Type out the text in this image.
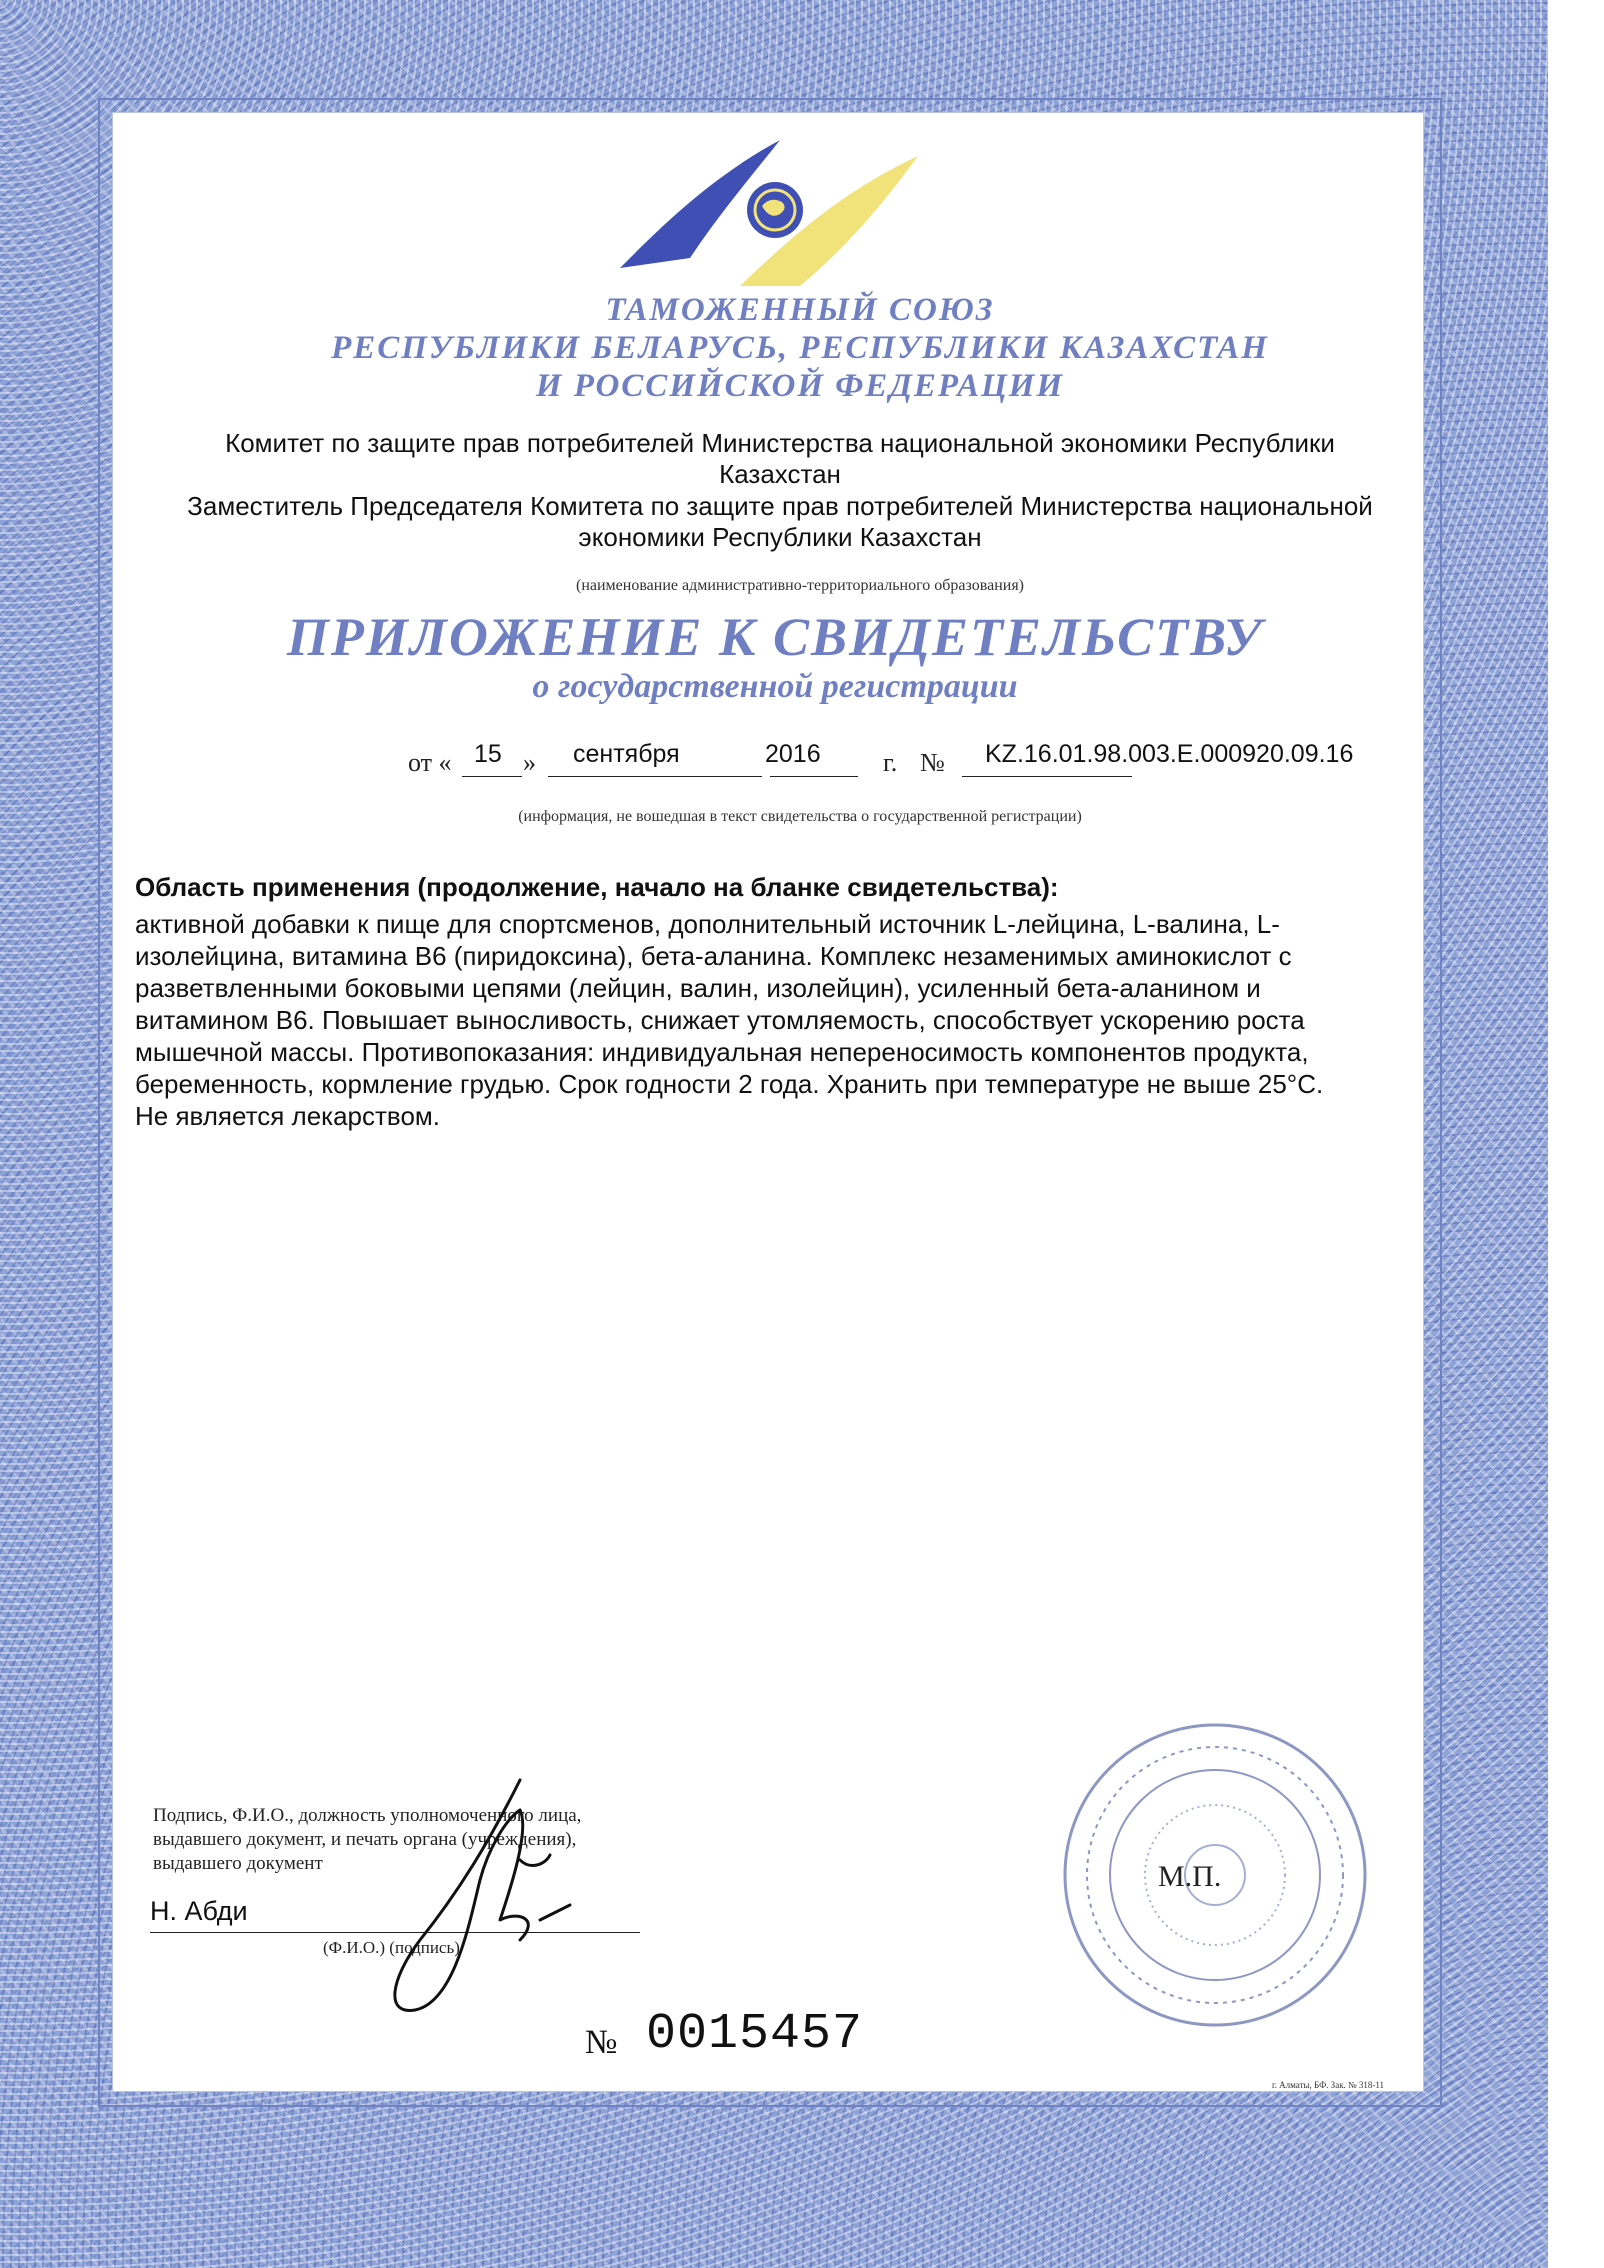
ТАМОЖЕННЫЙ СОЮЗ

РЕСПУБЛИКИ БЕЛАРУСЬ, РЕСПУБЛИКИ КАЗАХСТАН

И РОССИЙСКОЙ ФЕДЕРАЦИИ

Комитет по защите прав потребителей Министерства национальной экономики Республики

Казахстан

Заместитель Председателя Комитета по защите прав потребителей Министерства национальной

экономики Республики Казахстан

(наименование административно-территориального образования)

ПРИЛОЖЕНИЕ К СВИДЕТЕЛЬСТВУ

о государственной регистрации

от « 15 » сентября	2016 г. № KZ.16.01.98.003.E.000920.09.16

(информация, не вошедшая в текст свидетельства о государственной регистрации)

Область применения (продолжение, начало на бланке свидетельства):

активной добавки к пище для спортсменов, дополнительный источник L-лейцина, L-валина, L-
изолейцина, витамина В6 (пиридоксина), бета-аланина. Комплекс незаменимых аминокислот с
разветвленными боковыми цепями (лейцин, валин, изолейцин), усиленный бета-аланином и
витамином В6. Повышает выносливость, снижает утомляемость, способствует ускорению роста
мышечной массы. Противопоказания: индивидуальная непереносимость компонентов продукта,
беременность, кормление грудью. Срок годности 2 года. Хранить при температуре не выше 25°С.
Не является лекарством.
Подпись, Ф.И.О., должность уполномоченного лица,
выдавшего документ, и печать органа (учреждения),
выдавшего документ

Н. Абди

(Ф.И.О.) (подпись)

М.П.

№ 0015457

г. Алматы, БФ. Зак. № 318-11
